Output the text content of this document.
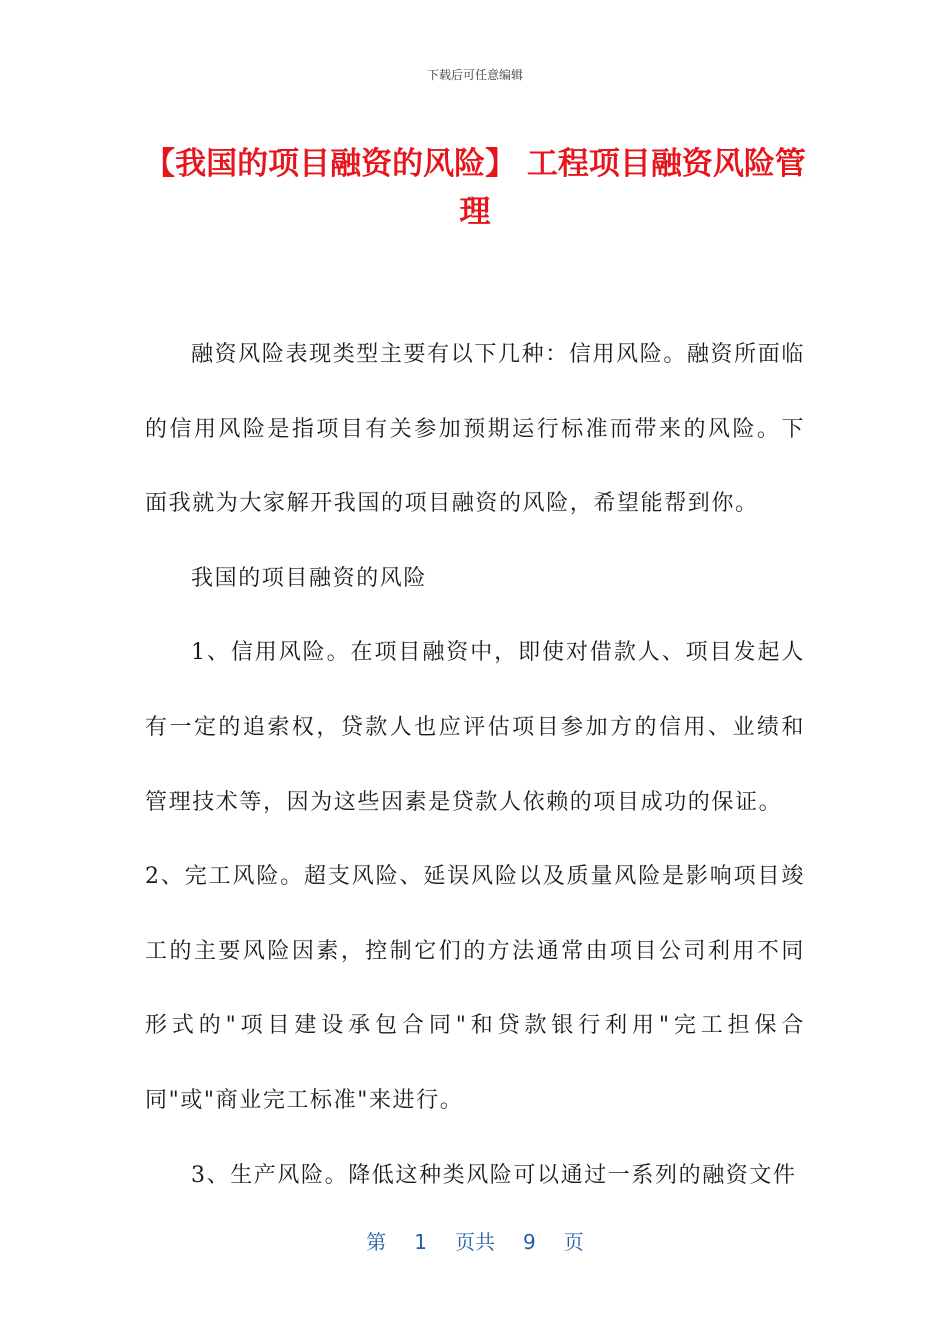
下载后可任意编辑
【我国的项目融资的风险】 工程项目融资风险管理

融资风险表现类型主要有以下几种：信用风险。融资所面临的信用风险是指项目有关参加预期运行标准而带来的风险。下面我就为大家解开我国的项目融资的风险，希望能帮到你。

我国的项目融资的风险

1、信用风险。在项目融资中，即使对借款人、项目发起人有一定的追索权，贷款人也应评估项目参加方的信用、业绩和管理技术等，因为这些因素是贷款人依赖的项目成功的保证。

2、完工风险。超支风险、延误风险以及质量风险是影响项目竣工的主要风险因素，控制它们的方法通常由项目公司利用不同形式的"项目建设承包合同"和贷款银行利用"完工担保合同"或"商业完工标准"来进行。

3、生产风险。降低这种类风险可以通过一系列的融资文件

第 1 页共 9 页
